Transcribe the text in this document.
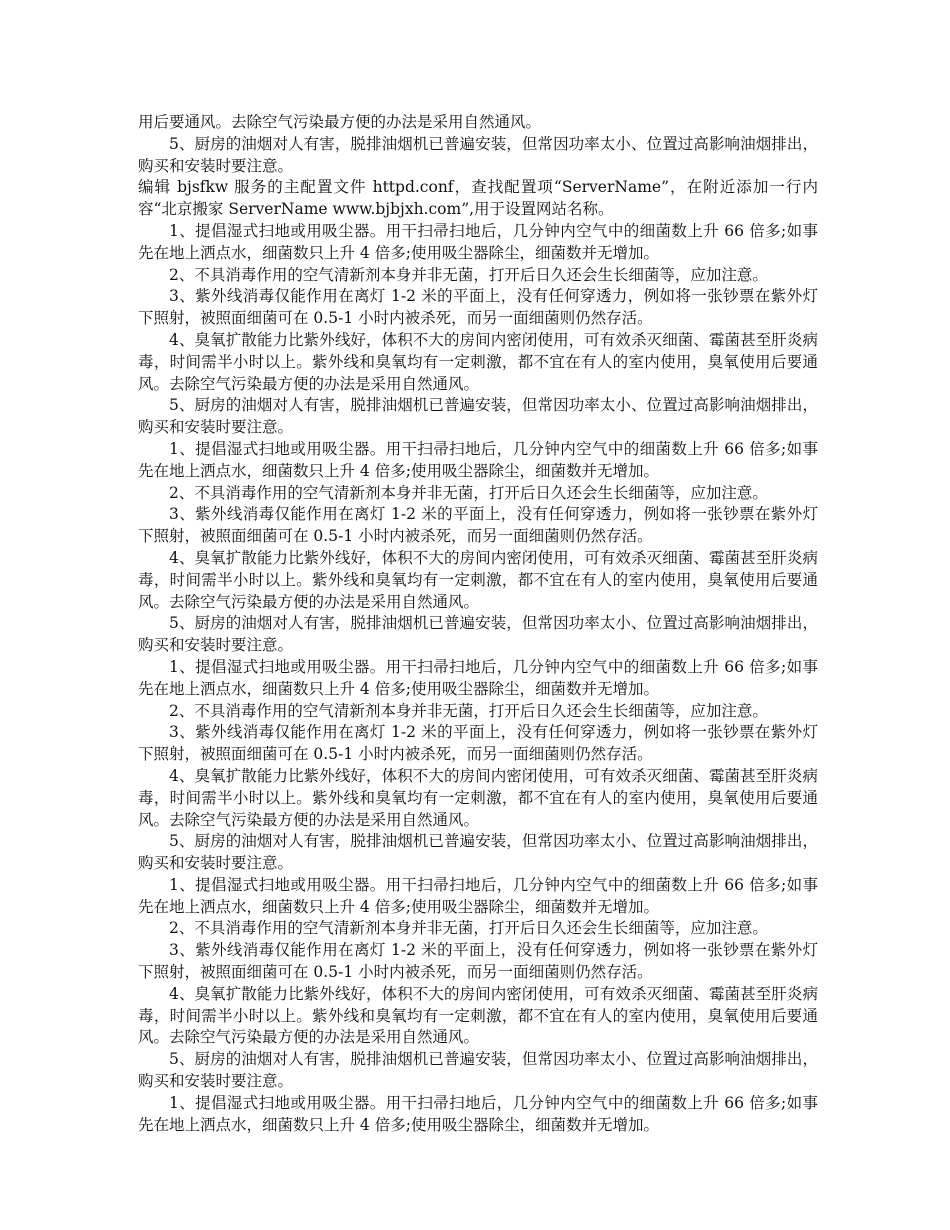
用后要通风。去除空气污染最方便的办法是采用自然通风。

5、厨房的油烟对人有害，脱排油烟机已普遍安装，但常因功率太小、位置过高影响油烟排出，购买和安装时要注意。

编辑 bjsfkw 服务的主配置文件 httpd.conf，查找配置项“ServerName”，在附近添加一行内容“北京搬家 ServerName www.bjbjxh.com”,用于设置网站名称。

1、提倡湿式扫地或用吸尘器。用干扫帚扫地后，几分钟内空气中的细菌数上升 66 倍多;如事先在地上洒点水，细菌数只上升 4 倍多;使用吸尘器除尘，细菌数并无增加。

2、不具消毒作用的空气清新剂本身并非无菌，打开后日久还会生长细菌等，应加注意。

3、紫外线消毒仅能作用在离灯 1-2 米的平面上，没有任何穿透力，例如将一张钞票在紫外灯下照射，被照面细菌可在 0.5-1 小时内被杀死，而另一面细菌则仍然存活。

4、臭氧扩散能力比紫外线好，体积不大的房间内密闭使用，可有效杀灭细菌、霉菌甚至肝炎病毒，时间需半小时以上。紫外线和臭氧均有一定刺激，都不宜在有人的室内使用，臭氧使用后要通风。去除空气污染最方便的办法是采用自然通风。

5、厨房的油烟对人有害，脱排油烟机已普遍安装，但常因功率太小、位置过高影响油烟排出，购买和安装时要注意。

1、提倡湿式扫地或用吸尘器。用干扫帚扫地后，几分钟内空气中的细菌数上升 66 倍多;如事先在地上洒点水，细菌数只上升 4 倍多;使用吸尘器除尘，细菌数并无增加。

2、不具消毒作用的空气清新剂本身并非无菌，打开后日久还会生长细菌等，应加注意。

3、紫外线消毒仅能作用在离灯 1-2 米的平面上，没有任何穿透力，例如将一张钞票在紫外灯下照射，被照面细菌可在 0.5-1 小时内被杀死，而另一面细菌则仍然存活。

4、臭氧扩散能力比紫外线好，体积不大的房间内密闭使用，可有效杀灭细菌、霉菌甚至肝炎病毒，时间需半小时以上。紫外线和臭氧均有一定刺激，都不宜在有人的室内使用，臭氧使用后要通风。去除空气污染最方便的办法是采用自然通风。

5、厨房的油烟对人有害，脱排油烟机已普遍安装，但常因功率太小、位置过高影响油烟排出，购买和安装时要注意。

1、提倡湿式扫地或用吸尘器。用干扫帚扫地后，几分钟内空气中的细菌数上升 66 倍多;如事先在地上洒点水，细菌数只上升 4 倍多;使用吸尘器除尘，细菌数并无增加。

2、不具消毒作用的空气清新剂本身并非无菌，打开后日久还会生长细菌等，应加注意。

3、紫外线消毒仅能作用在离灯 1-2 米的平面上，没有任何穿透力，例如将一张钞票在紫外灯下照射，被照面细菌可在 0.5-1 小时内被杀死，而另一面细菌则仍然存活。

4、臭氧扩散能力比紫外线好，体积不大的房间内密闭使用，可有效杀灭细菌、霉菌甚至肝炎病毒，时间需半小时以上。紫外线和臭氧均有一定刺激，都不宜在有人的室内使用，臭氧使用后要通风。去除空气污染最方便的办法是采用自然通风。

5、厨房的油烟对人有害，脱排油烟机已普遍安装，但常因功率太小、位置过高影响油烟排出，购买和安装时要注意。

1、提倡湿式扫地或用吸尘器。用干扫帚扫地后，几分钟内空气中的细菌数上升 66 倍多;如事先在地上洒点水，细菌数只上升 4 倍多;使用吸尘器除尘，细菌数并无增加。

2、不具消毒作用的空气清新剂本身并非无菌，打开后日久还会生长细菌等，应加注意。

3、紫外线消毒仅能作用在离灯 1-2 米的平面上，没有任何穿透力，例如将一张钞票在紫外灯下照射，被照面细菌可在 0.5-1 小时内被杀死，而另一面细菌则仍然存活。

4、臭氧扩散能力比紫外线好，体积不大的房间内密闭使用，可有效杀灭细菌、霉菌甚至肝炎病毒，时间需半小时以上。紫外线和臭氧均有一定刺激，都不宜在有人的室内使用，臭氧使用后要通风。去除空气污染最方便的办法是采用自然通风。

5、厨房的油烟对人有害，脱排油烟机已普遍安装，但常因功率太小、位置过高影响油烟排出，购买和安装时要注意。

1、提倡湿式扫地或用吸尘器。用干扫帚扫地后，几分钟内空气中的细菌数上升 66 倍多;如事先在地上洒点水，细菌数只上升 4 倍多;使用吸尘器除尘，细菌数并无增加。
